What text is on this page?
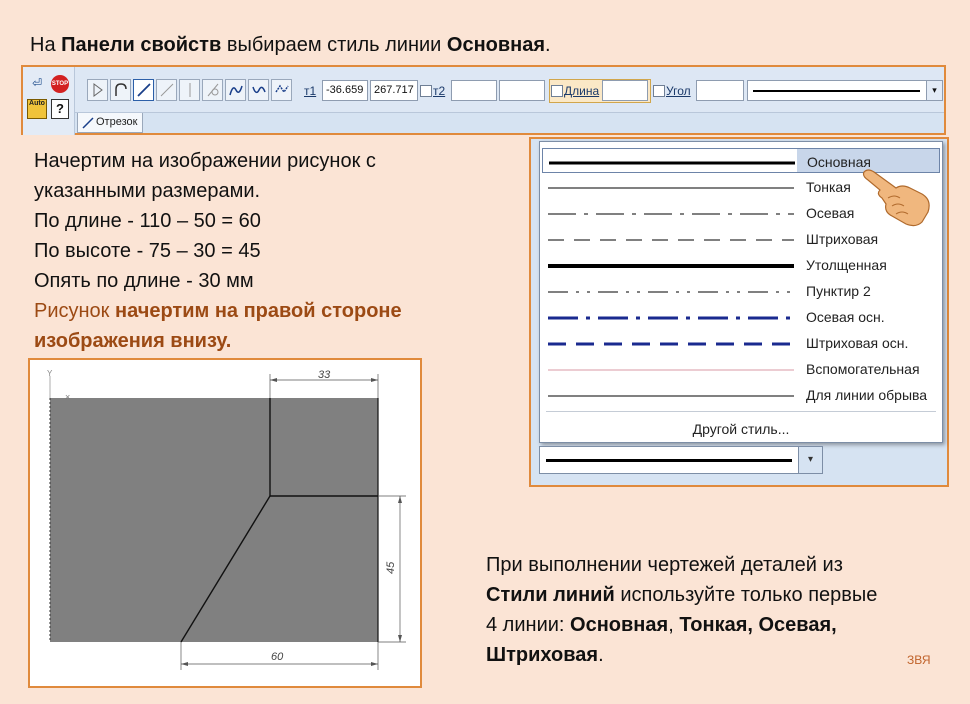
На Панели свойств выбираем стиль линии Основная.
⏎	STOP
Auto ?
т1 -36.659 267.717	т2	Длина	Угол	▾
Отрезок
Начертим на изображении рисунок с
указанными размерами.
По длине - 110 – 50 = 60
По высоте - 75 – 30 = 45
Опять по длине - 30 мм
Рисунок начертим на правой стороне
изображения внизу.
Y
×
33
45
60
Основная
Тонкая
Осевая
Штриховая
Утолщенная
Пунктир 2
Осевая осн.
Штриховая осн.
Вспомогательная
Для линии обрыва
Другой стиль...
▾
При выполнении чертежей деталей из
Стили линий используйте только первые
4 линии: Основная, Тонкая, Осевая,
Штриховая.	ЗВЯ
